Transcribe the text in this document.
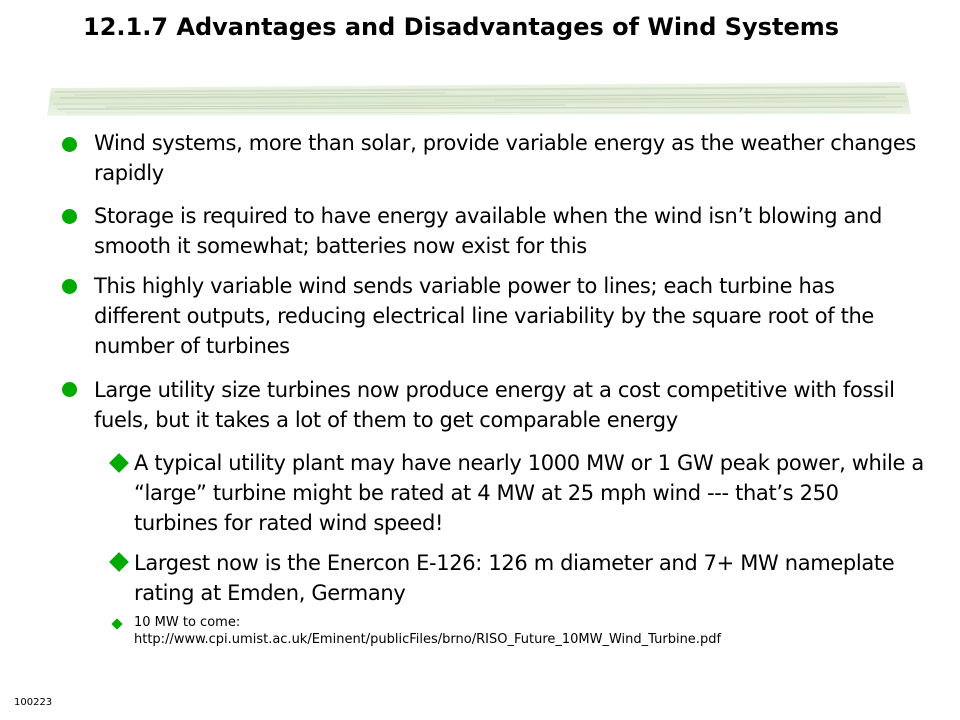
12.1.7 Advantages and Disadvantages of Wind Systems
Wind systems, more than solar, provide variable energy as the weather changes rapidly
Storage is required to have energy available when the wind isn’t blowing and smooth it somewhat; batteries now exist for this
This highly variable wind sends variable power to lines; each turbine has different outputs, reducing electrical line variability by the square root of the number of turbines
Large utility size turbines now produce energy at a cost competitive with fossil fuels, but it takes a lot of them to get comparable energy
A typical utility plant may have nearly 1000 MW or 1 GW peak power, while a “large” turbine might be rated at 4 MW at 25 mph wind --- that’s 250 turbines for rated wind speed!
Largest now is the Enercon E-126: 126 m diameter and 7+ MW nameplate rating at Emden, Germany
10 MW to come:
http://www.cpi.umist.ac.uk/Eminent/publicFiles/brno/RISO_Future_10MW_Wind_Turbine.pdf
100223
